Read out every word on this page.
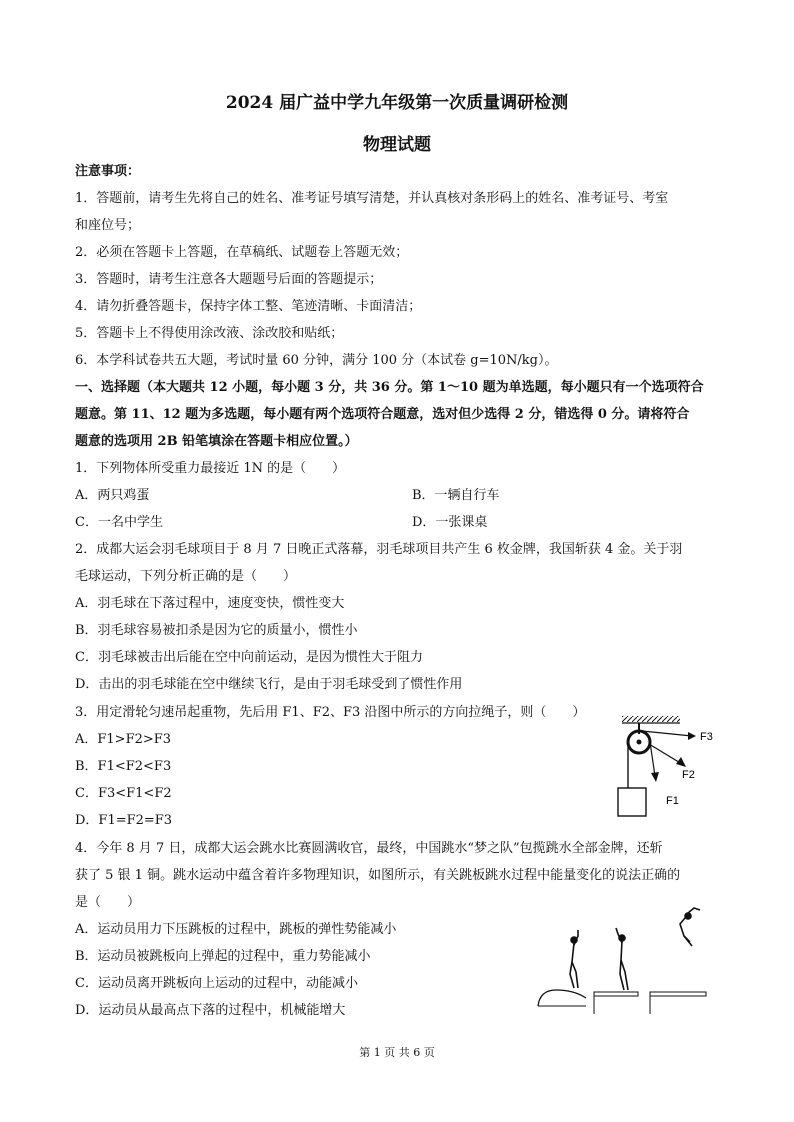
2024 届广益中学九年级第一次质量调研检测
物理试题
注意事项：
1．答题前，请考生先将自己的姓名、准考证号填写清楚，并认真核对条形码上的姓名、准考证号、考室
和座位号；
2．必须在答题卡上答题，在草稿纸、试题卷上答题无效；
3．答题时，请考生注意各大题题号后面的答题提示；
4．请勿折叠答题卡，保持字体工整、笔迹清晰、卡面清洁；
5．答题卡上不得使用涂改液、涂改胶和贴纸；
6．本学科试卷共五大题，考试时量 60 分钟，满分 100 分（本试卷 g=10N/kg）。
一、选择题（本大题共 12 小题，每小题 3 分，共 36 分。第 1～10 题为单选题，每小题只有一个选项符合
题意。第 11、12 题为多选题，每小题有两个选项符合题意，选对但少选得 2 分，错选得 0 分。请将符合
题意的选项用 2B 铅笔填涂在答题卡相应位置。）
1．下列物体所受重力最接近 1N 的是（　　）
A．两只鸡蛋	B．一辆自行车
C．一名中学生	D．一张课桌
2．成都大运会羽毛球项目于 8 月 7 日晚正式落幕，羽毛球项目共产生 6 枚金牌，我国斩获 4 金。关于羽
毛球运动，下列分析正确的是（　　）
A．羽毛球在下落过程中，速度变快，惯性变大
B．羽毛球容易被扣杀是因为它的质量小，惯性小
C．羽毛球被击出后能在空中向前运动，是因为惯性大于阻力
D．击出的羽毛球能在空中继续飞行，是由于羽毛球受到了惯性作用
3．用定滑轮匀速吊起重物，先后用 F1、F2、F3 沿图中所示的方向拉绳子，则（　　）
A．F1>F2>F3
B．F1<F2<F3
C．F3<F1<F2
D．F1=F2=F3
F3
F2
F1
4．今年 8 月 7 日，成都大运会跳水比赛圆满收官，最终，中国跳水“梦之队”包揽跳水全部金牌，还斩
获了 5 银 1 铜。跳水运动中蕴含着许多物理知识，如图所示，有关跳板跳水过程中能量变化的说法正确的
是（　　）
A．运动员用力下压跳板的过程中，跳板的弹性势能减小
B．运动员被跳板向上弹起的过程中，重力势能减小
C．运动员离开跳板向上运动的过程中，动能减小
D．运动员从最高点下落的过程中，机械能增大
第 1 页 共 6 页
